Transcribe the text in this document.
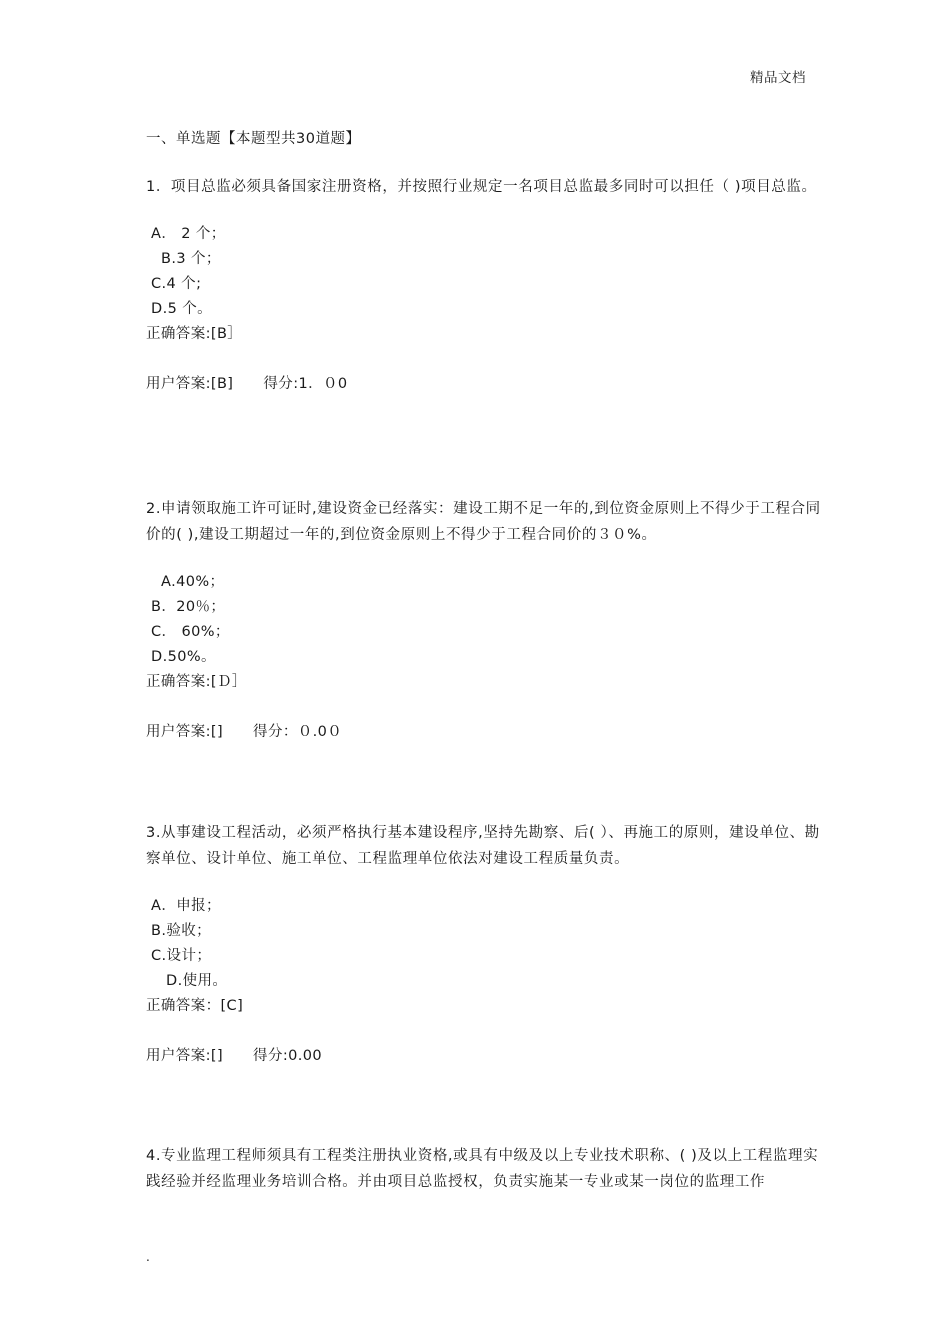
精品文档
一、单选题【本题型共30道题】

1．项目总监必须具备国家注册资格，并按照行业规定一名项目总监最多同时可以担任（ )项目总监。

A． 2 个；
B.3 个；
C.4 个;
D.5 个。
正确答案:[B］
用户答案:[B]      得分:1．０0

2.申请领取施工许可证时,建设资金已经落实：建设工期不足一年的,到位资金原则上不得少于工程合同价的( ),建设工期超过一年的,到位资金原则上不得少于工程合同价的３０%。

A.40%；
B．20％；
C． 60%；
D.50%。
正确答案:[Ｄ］
用户答案:[]      得分：０.0０

3.从事建设工程活动，必须严格执行基本建设程序,坚持先勘察、后( ）、再施工的原则，建设单位、勘察单位、设计单位、施工单位、工程监理单位依法对建设工程质量负责。

A．申报；
B.验收；
C.设计；
D.使用。
正确答案：[C]
用户答案:[]      得分:0.00

4.专业监理工程师须具有工程类注册执业资格,或具有中级及以上专业技术职称、( )及以上工程监理实践经验并经监理业务培训合格。并由项目总监授权，负责实施某一专业或某一岗位的监理工作

.
